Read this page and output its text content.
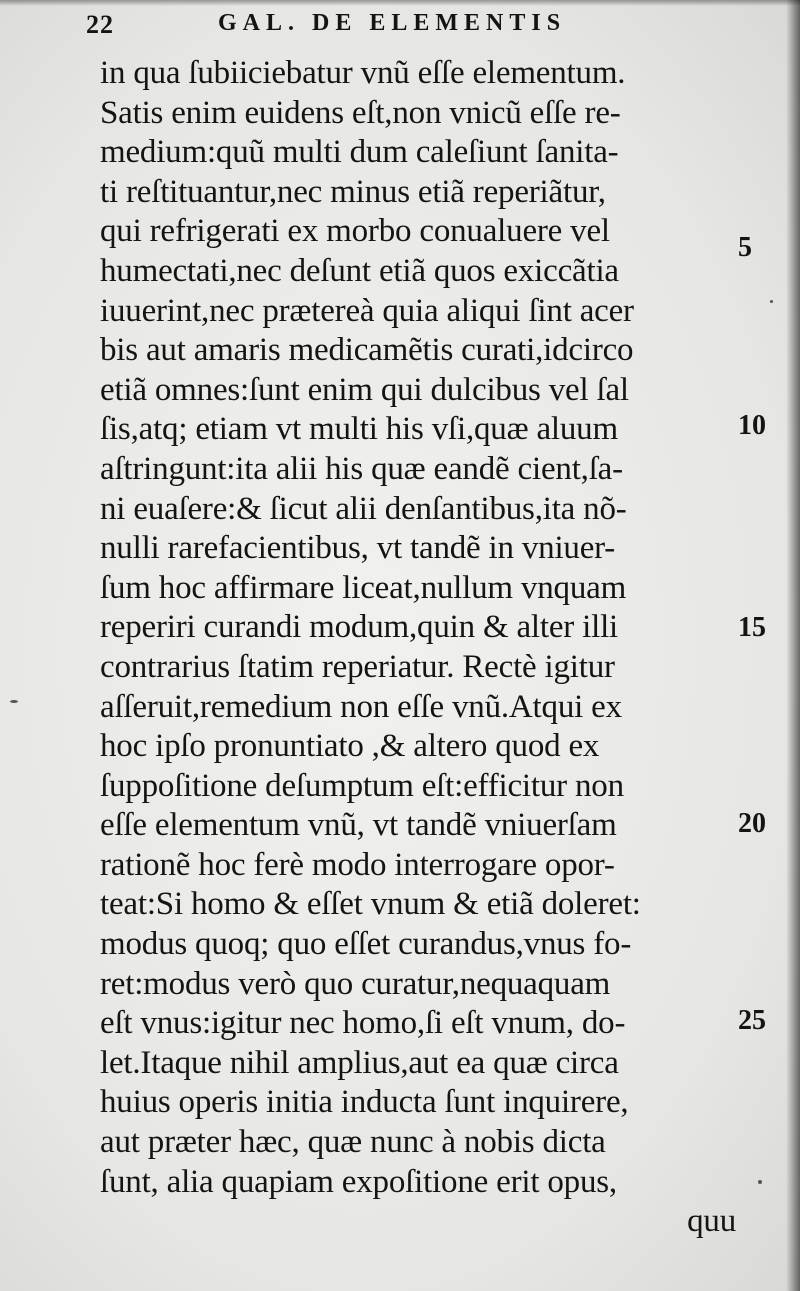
22	GAL. DE ELEMENTIS
in qua ſubiiciebatur vnũ eſſe elementum.
Satis enim euidens eſt,non vnicũ eſſe re-
medium:quũ multi dum caleſiunt ſanita-
ti reſtituantur,nec minus etiã reperiãtur,
qui refrigerati ex morbo conualuere vel
humectati,nec deſunt etiã quos exiccãtia
iuuerint,nec prætereà quia aliqui ſint acer
bis aut amaris medicamẽtis curati,idcirco
etiã omnes:ſunt enim qui dulcibus vel ſal
ſis,atq; etiam vt multi his vſi,quæ aluum
aſtringunt:ita alii his quæ eandẽ cient,ſa-
ni euaſere:& ſicut alii denſantibus,ita nõ-
nulli rarefacientibus, vt tandẽ in vniuer-
ſum hoc affirmare liceat,nullum vnquam
reperiri curandi modum,quin & alter illi
contrarius ſtatim reperiatur. Rectè igitur
aſſeruit,remedium non eſſe vnũ.Atqui ex
hoc ipſo pronuntiato ,& altero quod ex
ſuppoſitione deſumptum eſt:efficitur non
eſſe elementum vnũ, vt tandẽ vniuerſam
rationẽ hoc ferè modo interrogare opor-
teat:Si homo & eſſet vnum & etiã doleret:
modus quoq; quo eſſet curandus,vnus fo-
ret:modus verò quo curatur,nequaquam
eſt vnus:igitur nec homo,ſi eſt vnum, do-
let.Itaque nihil amplius,aut ea quæ circa
huius operis initia inducta ſunt inquirere,
aut præter hæc, quæ nunc à nobis dicta
ſunt, alia quapiam expoſitione erit opus,
quu
5
10
15
20
25
